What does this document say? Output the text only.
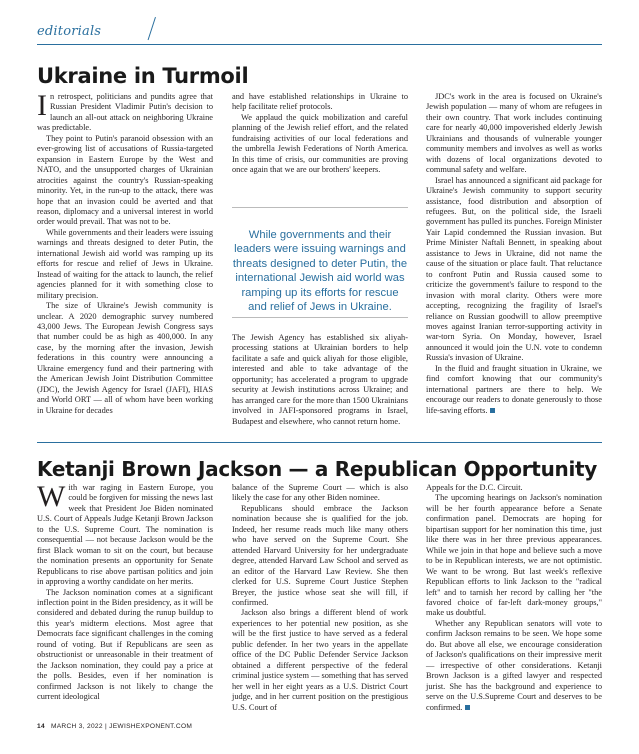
editorials
Ukraine in Turmoil

In retrospect, politicians and pundits agree that Russian President Vladimir Putin's decision to launch an all-out attack on neighboring Ukraine was predictable.

They point to Putin's paranoid obsession with an ever-growing list of accusations of Russia-targeted expansion in Eastern Europe by the West and NATO, and the unsupported charges of Ukrainian atrocities against the country's Russian-speaking minority. Yet, in the run-up to the attack, there was hope that an invasion could be averted and that reason, diplomacy and a universal interest in world order would prevail. That was not to be.

While governments and their leaders were issuing warnings and threats designed to deter Putin, the international Jewish aid world was ramping up its efforts for rescue and relief of Jews in Ukraine. Instead of waiting for the attack to launch, the relief agencies planned for it with something close to military precision.

The size of Ukraine's Jewish community is unclear. A 2020 demographic survey numbered 43,000 Jews. The European Jewish Congress says that number could be as high as 400,000. In any case, by the morning after the invasion, Jewish federations in this country were announcing a Ukraine emergency fund and their partnering with the American Jewish Joint Distribution Committee (JDC), the Jewish Agency for Israel (JAFI), HIAS and World ORT — all of whom have been working in Ukraine for decades

and have established relationships in Ukraine to help facilitate relief protocols.

We applaud the quick mobilization and careful planning of the Jewish relief effort, and the related fundraising activities of our local federations and the umbrella Jewish Federations of North America. In this time of crisis, our communities are proving once again that we are our brothers' keepers.

While governments and their leaders were issuing warnings and threats designed to deter Putin, the international Jewish aid world was ramping up its efforts for rescue and relief of Jews in Ukraine.

The Jewish Agency has established six aliyah-processing stations at Ukrainian borders to help facilitate a safe and quick aliyah for those eligible, interested and able to take advantage of the opportunity; has accelerated a program to upgrade security at Jewish institutions across Ukraine; and has arranged care for the more than 1500 Ukrainians involved in JAFI-sponsored programs in Israel, Budapest and elsewhere, who cannot return home.

JDC's work in the area is focused on Ukraine's Jewish population — many of whom are refugees in their own country. That work includes continuing care for nearly 40,000 impoverished elderly Jewish Ukrainians and thousands of vulnerable younger community members and involves as well as works with dozens of local organizations devoted to communal safety and welfare.

Israel has announced a significant aid package for Ukraine's Jewish community to support security assistance, food distribution and absorption of refugees. But, on the political side, the Israeli government has pulled its punches. Foreign Minister Yair Lapid condemned the Russian invasion. But Prime Minister Naftali Bennett, in speaking about assistance to Jews in Ukraine, did not name the cause of the situation or place fault. That reluctance to confront Putin and Russia caused some to criticize the government's failure to respond to the invasion with moral clarity. Others were more accepting, recognizing the fragility of Israel's reliance on Russian goodwill to allow preemptive moves against Iranian terror-supporting activity in war-torn Syria. On Monday, however, Israel announced it would join the U.N. vote to condemn Russia's invasion of Ukraine.

In the fluid and fraught situation in Ukraine, we find comfort knowing that our community's international partners are there to help. We encourage our readers to donate generously to those life-saving efforts.

Ketanji Brown Jackson — a Republican Opportunity

With war raging in Eastern Europe, you could be forgiven for missing the news last week that President Joe Biden nominated U.S. Court of Appeals Judge Ketanji Brown Jackson to the U.S. Supreme Court. The nomination is consequential — not because Jackson would be the first Black woman to sit on the court, but because the nomination presents an opportunity for Senate Republicans to rise above partisan politics and join in approving a worthy candidate on her merits.

The Jackson nomination comes at a significant inflection point in the Biden presidency, as it will be considered and debated during the runup buildup to this year's midterm elections. Most agree that Democrats face significant challenges in the coming round of voting. But if Republicans are seen as obstructionist or unreasonable in their treatment of the Jackson nomination, they could pay a price at the polls. Besides, even if her nomination is confirmed Jackson is not likely to change the current ideological

balance of the Supreme Court — which is also likely the case for any other Biden nominee.

Republicans should embrace the Jackson nomination because she is qualified for the job. Indeed, her resume reads much like many others who have served on the Supreme Court. She attended Harvard University for her undergraduate degree, attended Harvard Law School and served as an editor of the Harvard Law Review. She then clerked for U.S. Supreme Court Justice Stephen Breyer, the justice whose seat she will fill, if confirmed.

Jackson also brings a different blend of work experiences to her potential new position, as she will be the first justice to have served as a federal public defender. In her two years in the appellate office of the DC Public Defender Service Jackson obtained a different perspective of the federal criminal justice system — something that has served her well in her eight years as a U.S. District Court judge, and in her current position on the prestigious U.S. Court of

Appeals for the D.C. Circuit.

The upcoming hearings on Jackson's nomination will be her fourth appearance before a Senate confirmation panel. Democrats are hoping for bipartisan support for her nomination this time, just like there was in her three previous appearances. While we join in that hope and believe such a move to be in Republican interests, we are not optimistic. We want to be wrong. But last week's reflexive Republican efforts to link Jackson to the "radical left" and to tarnish her record by calling her "the favored choice of far-left dark-money groups," make us doubtful.

Whether any Republican senators will vote to confirm Jackson remains to be seen. We hope some do. But above all else, we encourage consideration of Jackson's qualifications on their impressive merit — irrespective of other considerations. Ketanji Brown Jackson is a gifted lawyer and respected jurist. She has the background and experience to serve on the U.S.Supreme Court and deserves to be confirmed.

14 MARCH 3, 2022 | JEWISHEXPONENT.COM
